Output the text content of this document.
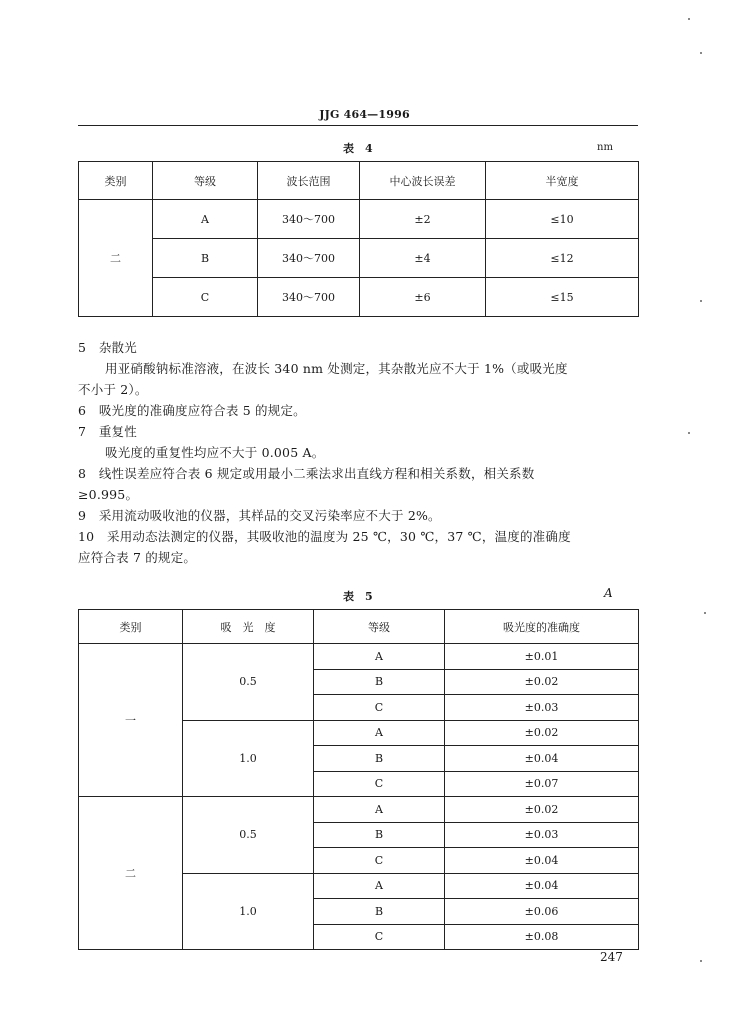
JJG 464—1996
表　4	nm
类别	等级	波长范围	中心波长误差	半宽度
二	A	340～700	±2	≤10
	B	340～700	±4	≤12
	C	340～700	±6	≤15

5　杂散光

用亚硝酸钠标准溶液，在波长 340 nm 处测定，其杂散光应不大于 1%（或吸光度

不小于 2）。

6　吸光度的准确度应符合表 5 的规定。

7　重复性

吸光度的重复性均应不大于 0.005 A。

8　线性误差应符合表 6 规定或用最小二乘法求出直线方程和相关系数，相关系数

≥0.995。

9　采用流动吸收池的仪器，其样品的交叉污染率应不大于 2%。

10　采用动态法测定的仪器，其吸收池的温度为 25 ℃，30 ℃，37 ℃，温度的准确度

应符合表 7 的规定。

表　5	A
类别	吸　光　度	等级	吸光度的准确度
一	0.5	A	±0.01
		B	±0.02
		C	±0.03
	1.0	A	±0.02
		B	±0.04
		C	±0.07
二	0.5	A	±0.02
		B	±0.03
		C	±0.04
	1.0	A	±0.04
		B	±0.06
		C	±0.08
247
